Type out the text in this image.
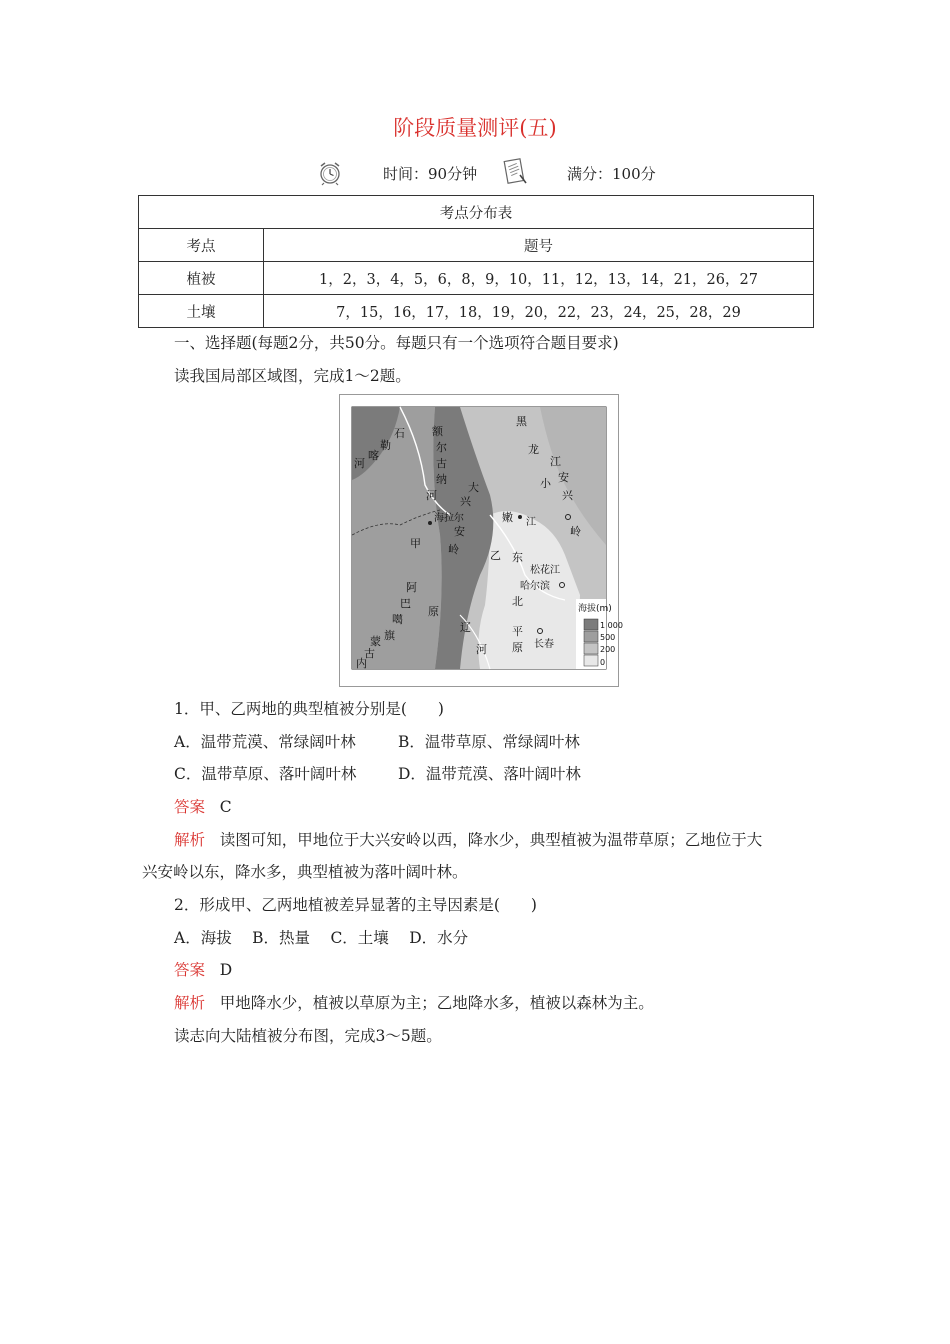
阶段质量测评(五)
时间：90分钟	满分：100分
考点分布表	
考点	题号
植被	1，2，3，4，5，6，8，9，10，11，12，13，14，21，26，27
土壤	7，15，16，17，18，19，20，22，23，24，25，28，29
一、选择题(每题2分，共50分。每题只有一个选项符合题目要求)
读我国局部区域图，完成1～2题。
石
勒
喀
河
额
尔
古
纳
河
大
兴
安
岭
海拉尔
甲
阿
巴
噶
旗
乙
嫩 江
东
北
平
原
黑
龙
江
小
兴
安
岭
松花江
哈尔滨
长春
辽
河
原
蒙
古
内
海拔(m)
1 000
500
200
0
1．甲、乙两地的典型植被分别是(　　)
A．温带荒漠、常绿阔叶林	B．温带草原、常绿阔叶林
C．温带草原、落叶阔叶林	D．温带荒漠、落叶阔叶林
答案 C
解析 读图可知，甲地位于大兴安岭以西，降水少，典型植被为温带草原；乙地位于大
兴安岭以东，降水多，典型植被为落叶阔叶林。
2．形成甲、乙两地植被差异显著的主导因素是(　　)
A．海拔　 B．热量　 C．土壤　 D．水分
答案 D
解析 甲地降水少，植被以草原为主；乙地降水多，植被以森林为主。
读志向大陆植被分布图，完成3～5题。
